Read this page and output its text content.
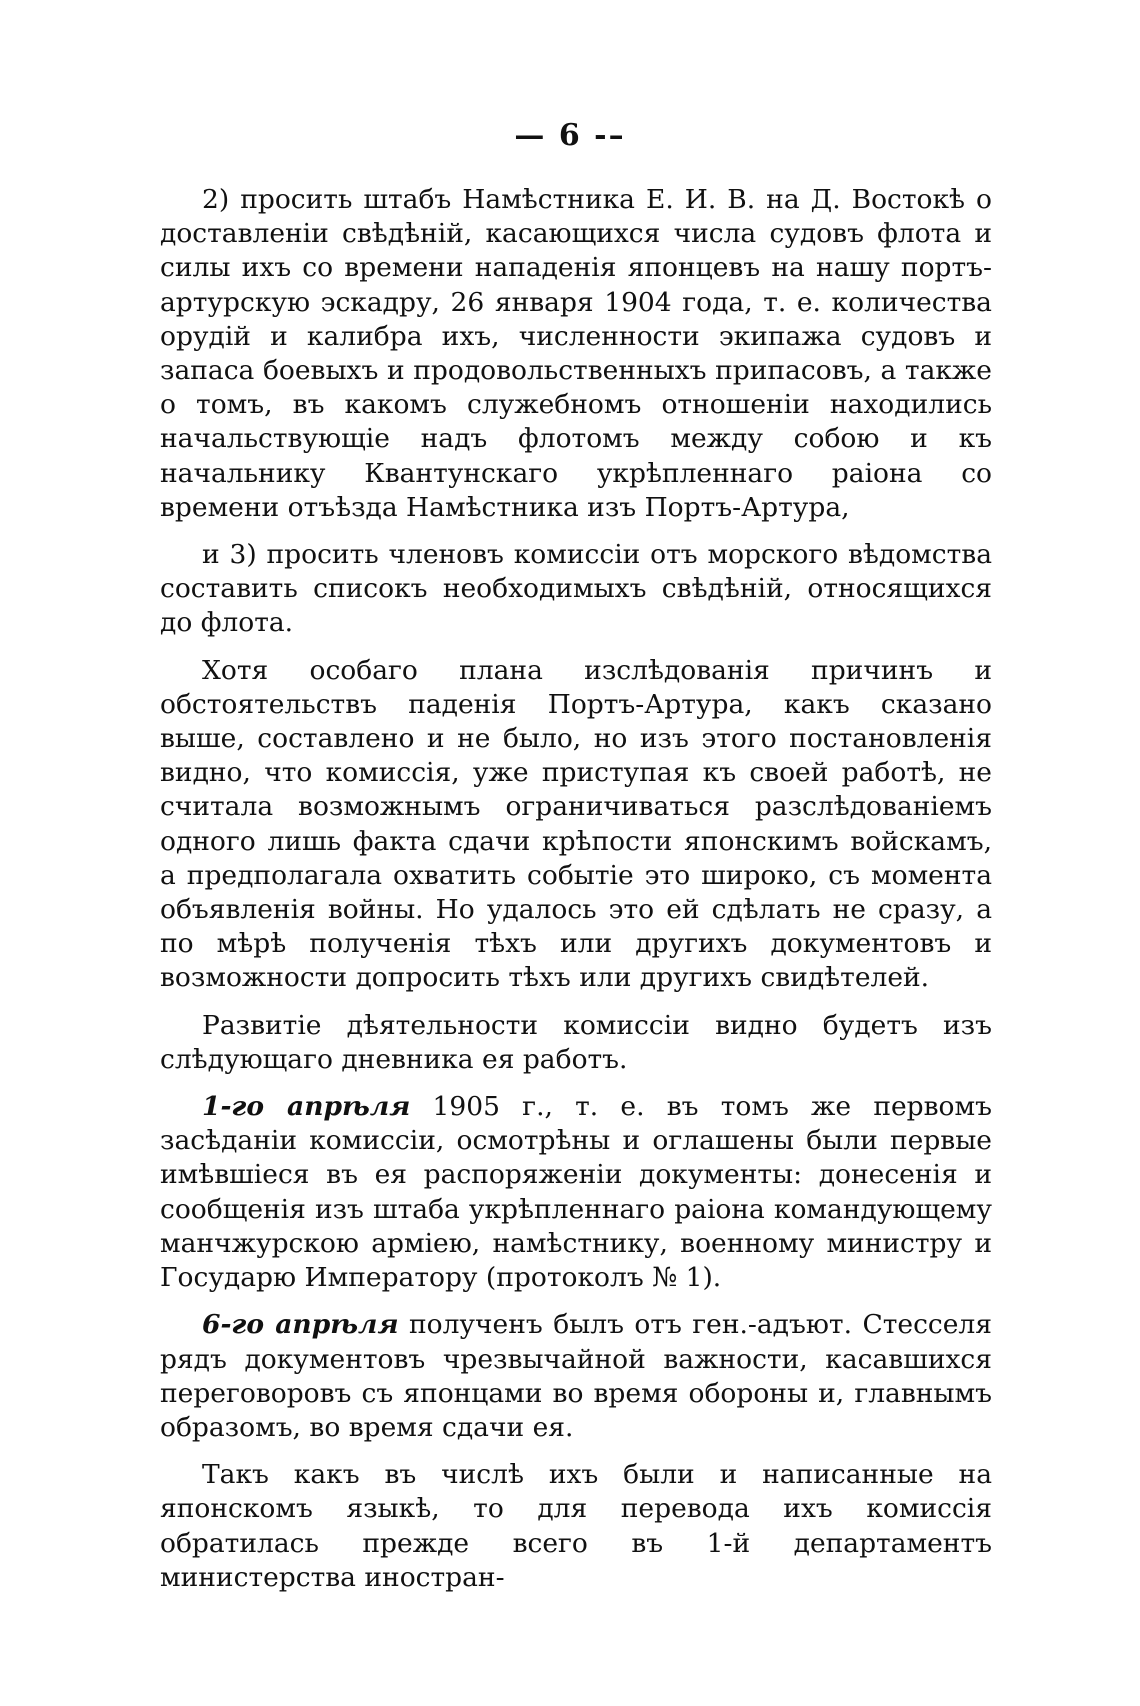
— 6 -–

2) просить штабъ Намѣстника Е. И. В. на Д. Востокѣ о доставленіи свѣдѣній, касающихся числа судовъ флота и силы ихъ со времени нападенія японцевъ на нашу портъ-артурскую эскадру, 26 января 1904 года, т. е. количества орудій и калибра ихъ, численности экипажа судовъ и запаса боевыхъ и продовольственныхъ припасовъ, а также о томъ, въ какомъ служебномъ отношеніи находились начальствующіе надъ флотомъ между собою и къ начальнику Квантунскаго укрѣпленнаго раіона со времени отъѣзда Намѣстника изъ Портъ-Артура,

и 3) просить членовъ комиссіи отъ морского вѣдомства составить списокъ необходимыхъ свѣдѣній, относящихся до флота.

Хотя особаго плана изслѣдованія причинъ и обстоятельствъ паденія Портъ-Артура, какъ сказано выше, составлено и не было, но изъ этого постановленія видно, что комиссія, уже приступая къ своей работѣ, не считала возможнымъ ограничиваться разслѣдованіемъ одного лишь факта сдачи крѣпости японскимъ войскамъ, а предполагала охватить событіе это широко, съ момента объявленія войны. Но удалось это ей сдѣлать не сразу, а по мѣрѣ полученія тѣхъ или другихъ документовъ и возможности допросить тѣхъ или другихъ свидѣтелей.

Развитіе дѣятельности комиссіи видно будетъ изъ слѣдующаго дневника ея работъ.

1-го апрѣля 1905 г., т. е. въ томъ же первомъ засѣданіи комиссіи, осмотрѣны и оглашены были первые имѣвшіеся въ ея распоряженіи документы: донесенія и сообщенія изъ штаба укрѣпленнаго раіона командующему манчжурскою арміею, намѣстнику, военному министру и Государю Императору (протоколъ № 1).

6-го апрѣля полученъ былъ отъ ген.-адъют. Стесселя рядъ документовъ чрезвычайной важности, касавшихся переговоровъ съ японцами во время обороны и, главнымъ образомъ, во время сдачи ея.

Такъ какъ въ числѣ ихъ были и написанные на японскомъ языкѣ, то для перевода ихъ комиссія обратилась прежде всего въ 1-й департаментъ министерства иностран-
